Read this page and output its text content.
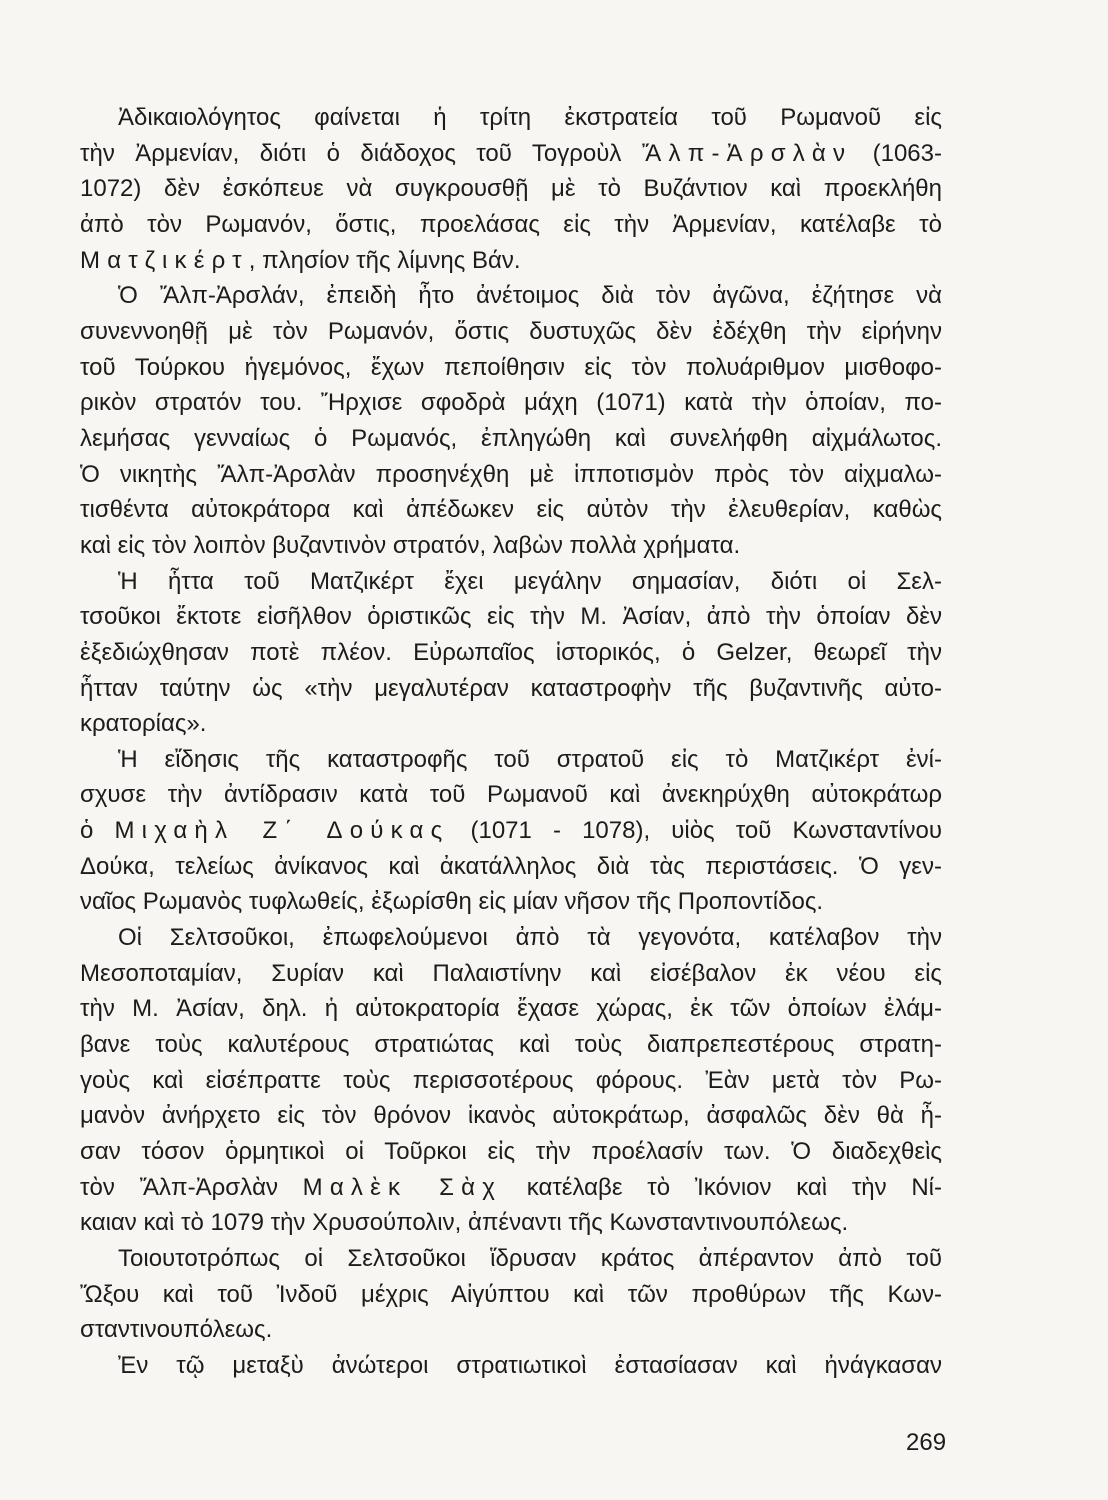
Ἀδικαιολόγητος φαίνεται ἡ τρίτη ἐκστρατεία τοῦ Ρωμανοῦ εἰς
τὴν Ἀρμενίαν, διότι ὁ διάδοχος τοῦ Τογροὺλ Ἄλπ-Ἀρσλὰν (1063-
1072) δὲν ἐσκόπευε νὰ συγκρουσθῇ μὲ τὸ Βυζάντιον καὶ προεκλήθη
ἀπὸ τὸν Ρωμανόν, ὅστις, προελάσας εἰς τὴν Ἀρμενίαν, κατέλαβε τὸ
Ματζικέρτ, πλησίον τῆς λίμνης Βάν.
Ὁ Ἄλπ-Ἀρσλάν, ἐπειδὴ ἦτο ἀνέτοιμος διὰ τὸν ἀγῶνα, ἐζήτησε νὰ
συνεννοηθῇ μὲ τὸν Ρωμανόν, ὅστις δυστυχῶς δὲν ἐδέχθη τὴν εἰρήνην
τοῦ Τούρκου ἡγεμόνος, ἔχων πεποίθησιν εἰς τὸν πολυάριθμον μισθοφο-
ρικὸν στρατόν του. Ἤρχισε σφοδρὰ μάχη (1071) κατὰ τὴν ὁποίαν, πο-
λεμήσας γενναίως ὁ Ρωμανός, ἐπληγώθη καὶ συνελήφθη αἰχμάλωτος.
Ὁ νικητὴς Ἄλπ-Ἀρσλὰν προσηνέχθη μὲ ἱπποτισμὸν πρὸς τὸν αἰχμαλω-
τισθέντα αὐτοκράτορα καὶ ἀπέδωκεν εἰς αὐτὸν τὴν ἐλευθερίαν, καθὼς
καὶ εἰς τὸν λοιπὸν βυζαντινὸν στρατόν, λαβὼν πολλὰ χρήματα.
Ἡ ἧττα τοῦ Ματζικέρτ ἔχει μεγάλην σημασίαν, διότι οἱ Σελ-
τσοῦκοι ἔκτοτε εἰσῆλθον ὁριστικῶς εἰς τὴν Μ. Ἀσίαν, ἀπὸ τὴν ὁποίαν δὲν
ἐξεδιώχθησαν ποτὲ πλέον. Εὐρωπαῖος ἱστορικός, ὁ Gelzer, θεωρεῖ τὴν
ἧτταν ταύτην ὡς «τὴν μεγαλυτέραν καταστροφὴν τῆς βυζαντινῆς αὐτο-
κρατορίας».
Ἡ εἴδησις τῆς καταστροφῆς τοῦ στρατοῦ εἰς τὸ Ματζικέρτ ἐνί-
σχυσε τὴν ἀντίδρασιν κατὰ τοῦ Ρωμανοῦ καὶ ἀνεκηρύχθη αὐτοκράτωρ
ὁ Μιχαὴλ Ζ΄ Δούκας (1071 - 1078), υἱὸς τοῦ Κωνσταντίνου
Δούκα, τελείως ἀνίκανος καὶ ἀκατάλληλος διὰ τὰς περιστάσεις. Ὁ γεν-
ναῖος Ρωμανὸς τυφλωθείς, ἐξωρίσθη εἰς μίαν νῆσον τῆς Προποντίδος.
Οἱ Σελτσοῦκοι, ἐπωφελούμενοι ἀπὸ τὰ γεγονότα, κατέλαβον τὴν
Μεσοποταμίαν, Συρίαν καὶ Παλαιστίνην καὶ εἰσέβαλον ἐκ νέου εἰς
τὴν Μ. Ἀσίαν, δηλ. ἡ αὐτοκρατορία ἔχασε χώρας, ἐκ τῶν ὁποίων ἐλάμ-
βανε τοὺς καλυτέρους στρατιώτας καὶ τοὺς διαπρεπεστέρους στρατη-
γοὺς καὶ εἰσέπραττε τοὺς περισσοτέρους φόρους. Ἐὰν μετὰ τὸν Ρω-
μανὸν ἀνήρχετο εἰς τὸν θρόνον ἱκανὸς αὐτοκράτωρ, ἀσφαλῶς δὲν θὰ ἦ-
σαν τόσον ὁρμητικοὶ οἱ Τοῦρκοι εἰς τὴν προέλασίν των. Ὁ διαδεχθεὶς
τὸν Ἄλπ-Ἀρσλὰν Μαλὲκ Σὰχ κατέλαβε τὸ Ἰκόνιον καὶ τὴν Νί-
καιαν καὶ τὸ 1079 τὴν Χρυσούπολιν, ἀπέναντι τῆς Κωνσταντινουπόλεως.
Τοιουτοτρόπως οἱ Σελτσοῦκοι ἵδρυσαν κράτος ἀπέραντον ἀπὸ τοῦ
Ὤξου καὶ τοῦ Ἰνδοῦ μέχρις Αἰγύπτου καὶ τῶν προθύρων τῆς Κων-
σταντινουπόλεως.
Ἐν τῷ μεταξὺ ἀνώτεροι στρατιωτικοὶ ἐστασίασαν καὶ ἠνάγκασαν
269
